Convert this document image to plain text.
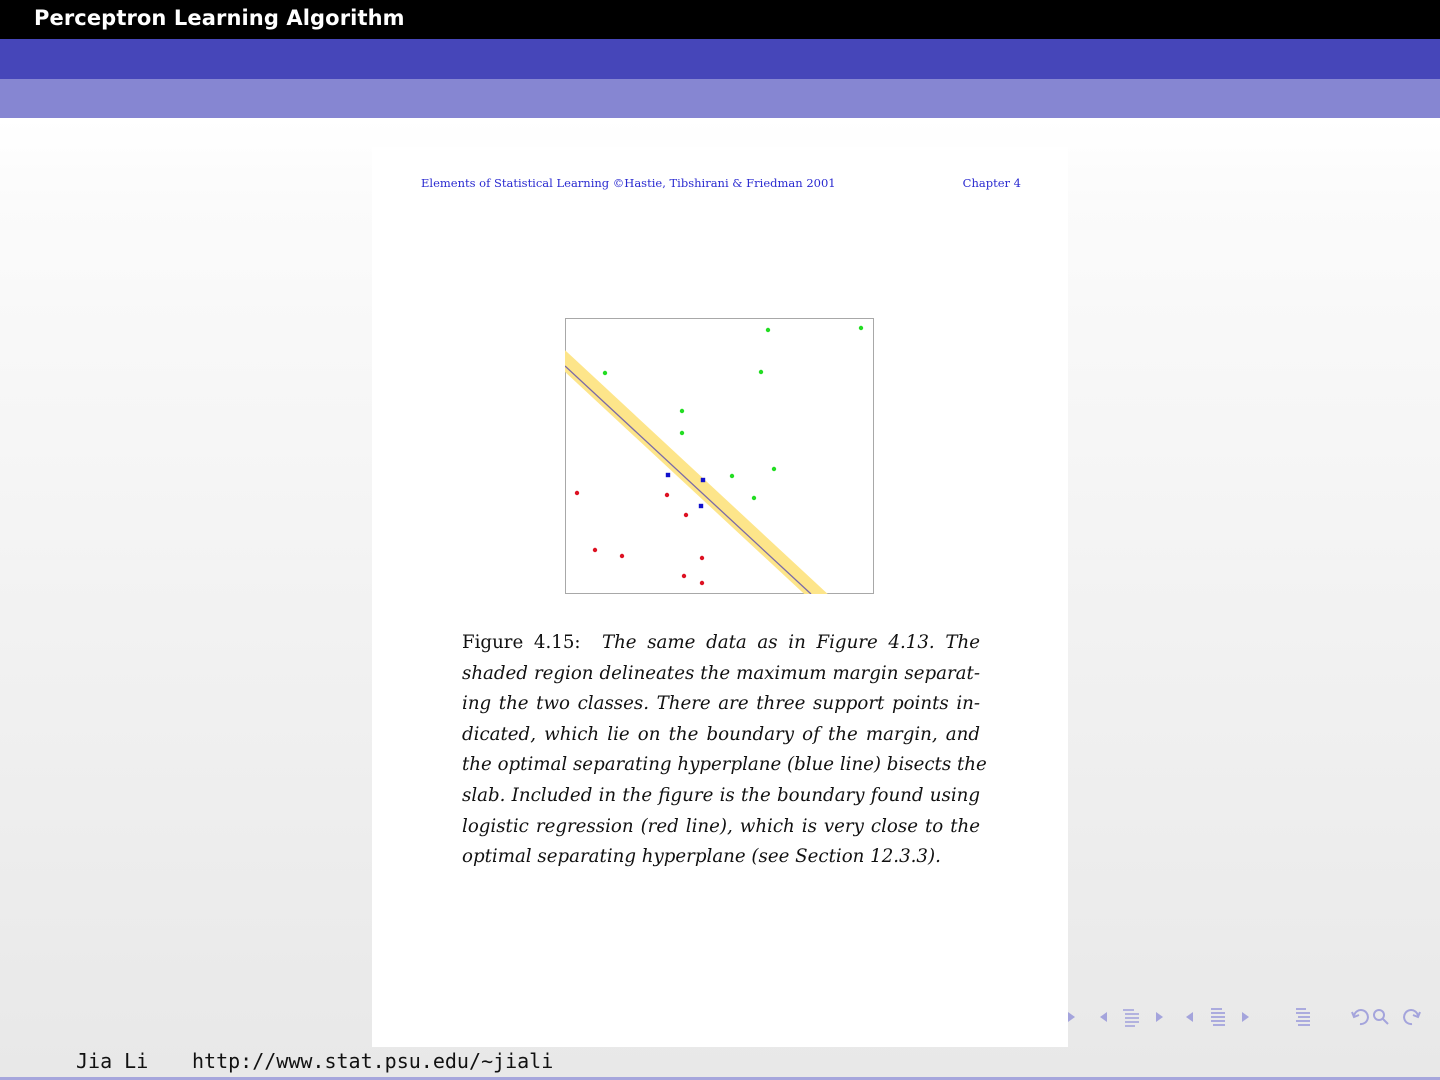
Perceptron Learning Algorithm
Elements of Statistical Learning ©Hastie, Tibshirani & Friedman 2001	Chapter 4
Figure 4.15: The same data as in Figure 4.13. The
shaded region delineates the maximum margin separat-
ing the two classes. There are three support points in-
dicated, which lie on the boundary of the margin, and
the optimal separating hyperplane (blue line) bisects the
slab. Included in the figure is the boundary found using
logistic regression (red line), which is very close to the
optimal separating hyperplane (see Section 12.3.3).
Jia Li http://www.stat.psu.edu/∼jiali
